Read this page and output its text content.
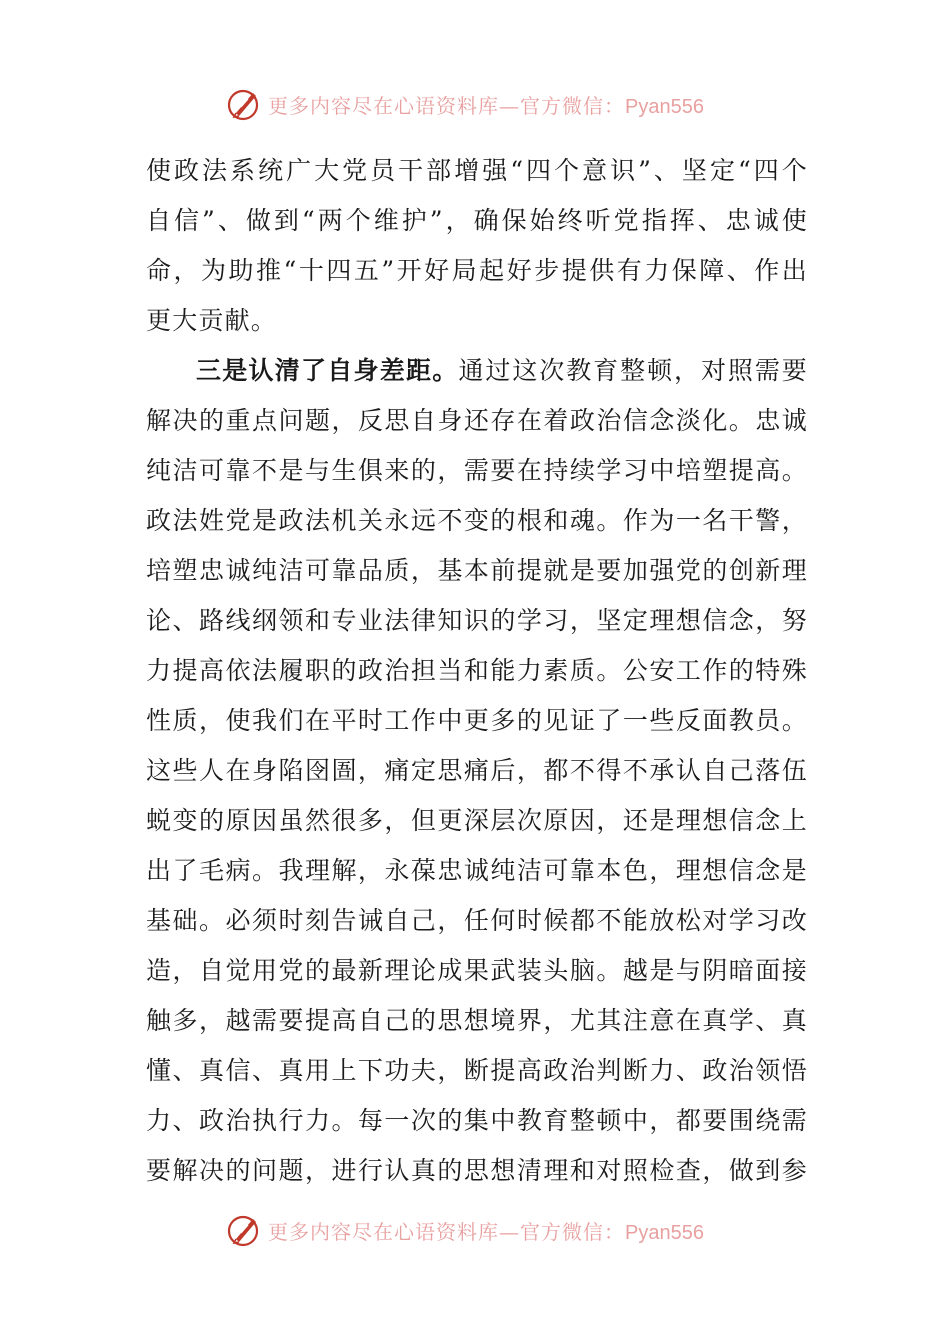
更多内容尽在心语资料库—官方微信：Pyan556
使政法系统广大党员干部增强“四个意识”、坚定“四个
自信”、做到“两个维护”，确保始终听党指挥、忠诚使
命，为助推“十四五”开好局起好步提供有力保障、作出
更大贡献。
三是认清了自身差距。通过这次教育整顿，对照需要
解决的重点问题，反思自身还存在着政治信念淡化。忠诚
纯洁可靠不是与生俱来的，需要在持续学习中培塑提高。
政法姓党是政法机关永远不变的根和魂。作为一名干警，
培塑忠诚纯洁可靠品质，基本前提就是要加强党的创新理
论、路线纲领和专业法律知识的学习，坚定理想信念，努
力提高依法履职的政治担当和能力素质。公安工作的特殊
性质，使我们在平时工作中更多的见证了一些反面教员。
这些人在身陷囹圄，痛定思痛后，都不得不承认自己落伍
蜕变的原因虽然很多，但更深层次原因，还是理想信念上
出了毛病。我理解，永葆忠诚纯洁可靠本色，理想信念是
基础。必须时刻告诫自己，任何时候都不能放松对学习改
造，自觉用党的最新理论成果武装头脑。越是与阴暗面接
触多，越需要提高自己的思想境界，尤其注意在真学、真
懂、真信、真用上下功夫，断提高政治判断力、政治领悟
力、政治执行力。每一次的集中教育整顿中，都要围绕需
要解决的问题，进行认真的思想清理和对照检查，做到参
更多内容尽在心语资料库—官方微信：Pyan556
